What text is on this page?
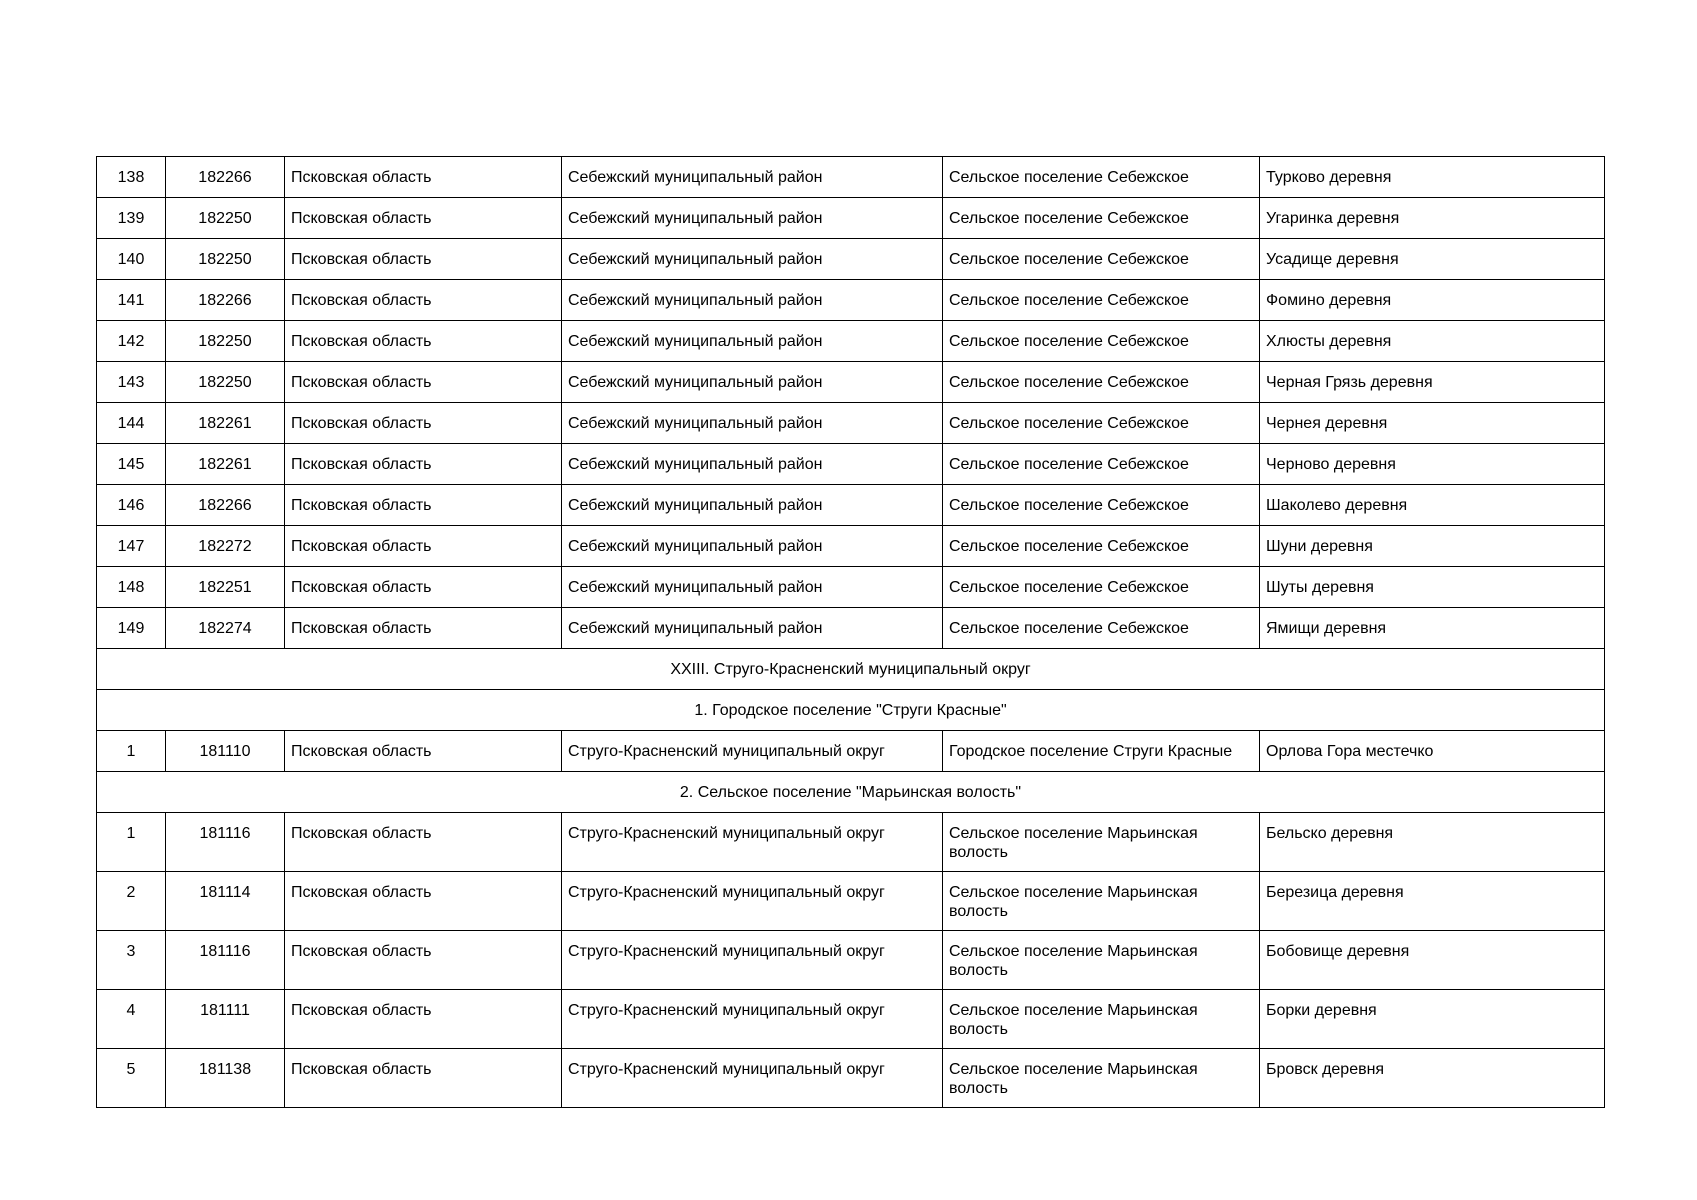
138	182266	Псковская область	Себежский муниципальный район	Сельское поселение Себежское	Турково деревня
139	182250	Псковская область	Себежский муниципальный район	Сельское поселение Себежское	Угаринка деревня
140	182250	Псковская область	Себежский муниципальный район	Сельское поселение Себежское	Усадище деревня
141	182266	Псковская область	Себежский муниципальный район	Сельское поселение Себежское	Фомино деревня
142	182250	Псковская область	Себежский муниципальный район	Сельское поселение Себежское	Хлюсты деревня
143	182250	Псковская область	Себежский муниципальный район	Сельское поселение Себежское	Черная Грязь деревня
144	182261	Псковская область	Себежский муниципальный район	Сельское поселение Себежское	Чернея деревня
145	182261	Псковская область	Себежский муниципальный район	Сельское поселение Себежское	Черново деревня
146	182266	Псковская область	Себежский муниципальный район	Сельское поселение Себежское	Шаколево деревня
147	182272	Псковская область	Себежский муниципальный район	Сельское поселение Себежское	Шуни деревня
148	182251	Псковская область	Себежский муниципальный район	Сельское поселение Себежское	Шуты деревня
149	182274	Псковская область	Себежский муниципальный район	Сельское поселение Себежское	Ямищи деревня
XXIII. Струго-Красненский муниципальный округ					
1. Городское поселение "Струги Красные"					
1	181110	Псковская область	Струго-Красненский муниципальный округ	Городское поселение Струги Красные	Орлова Гора местечко
2. Сельское поселение "Марьинская волость"					
1	181116	Псковская область	Струго-Красненский муниципальный округ	Сельское поселение Марьинская волость	Бельско деревня
2	181114	Псковская область	Струго-Красненский муниципальный округ	Сельское поселение Марьинская волость	Березица деревня
3	181116	Псковская область	Струго-Красненский муниципальный округ	Сельское поселение Марьинская волость	Бобовище деревня
4	181111	Псковская область	Струго-Красненский муниципальный округ	Сельское поселение Марьинская волость	Борки деревня
5	181138	Псковская область	Струго-Красненский муниципальный округ	Сельское поселение Марьинская волость	Бровск деревня
